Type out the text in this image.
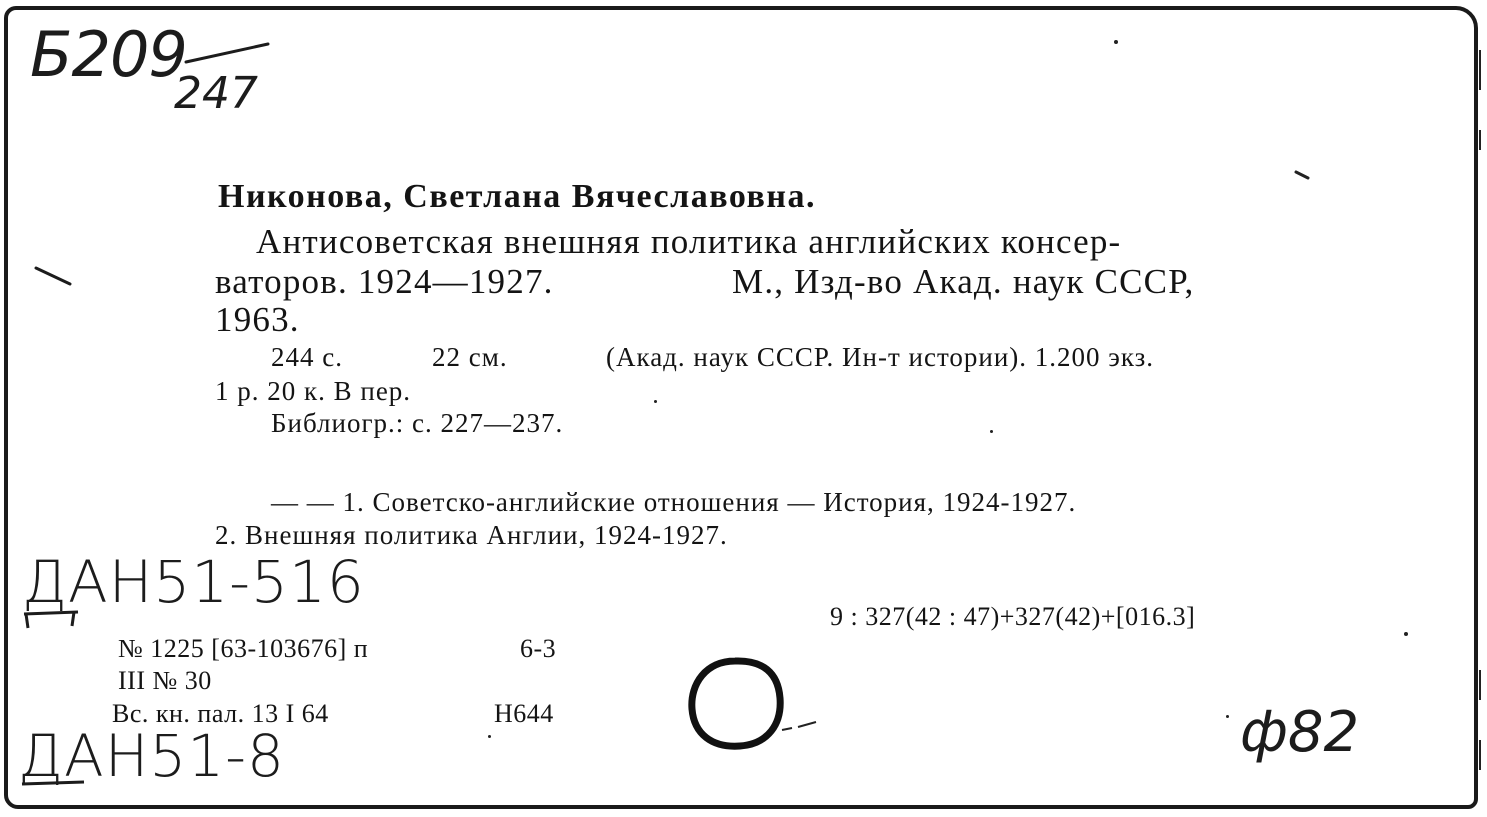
Б209
247
Никонова, Светлана Вячеславовна.
Антисоветская внешняя политика английских консер-
ваторов. 1924—1927.	М., Изд-во Акад. наук СССР,
1963.
244 с.	22 см.	(Акад. наук СССР. Ин-т истории). 1.200 экз.
1 р. 20 к. В пер.
Библиогр.: с. 227—237.
— — 1. Советско-английские отношения — История, 1924-1927.
2. Внешняя политика Англии, 1924-1927.
ДАН51-516
ДАН51-8
9 : 327(42 : 47)+327(42)+[016.3]
№ 1225 [63-103676] п	6-3
III № 30
Вс. кн. пал. 13 I 64	Н644	ф82
